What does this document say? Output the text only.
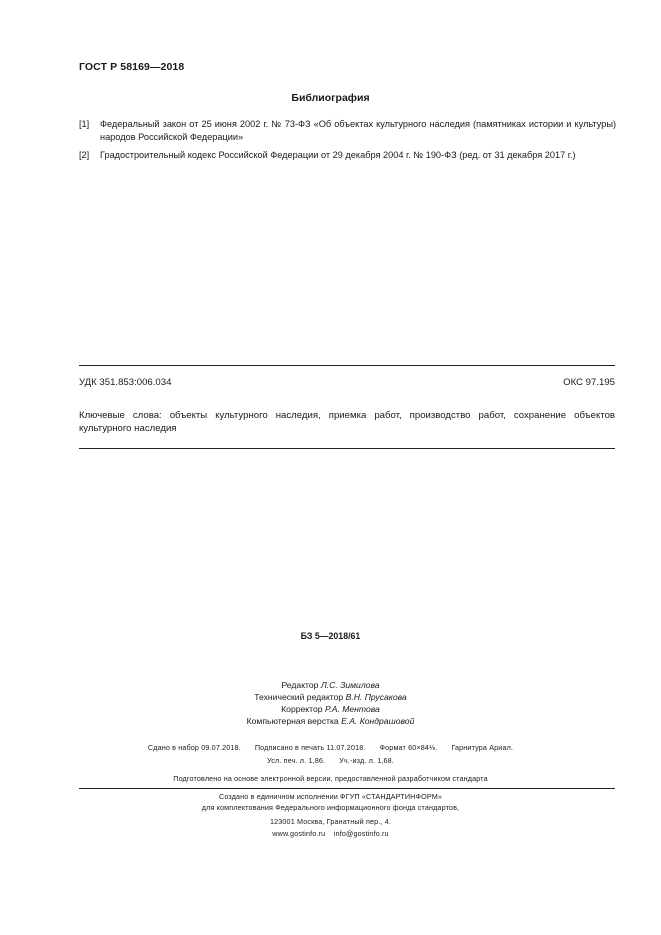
ГОСТ Р 58169—2018
Библиография
[1]	Федеральный закон от 25 июня 2002 г. № 73-ФЗ «Об объектах культурного наследия (памятниках истории и культуры) народов Российской Федерации»
[2]	Градостроительный кодекс Российской Федерации от 29 декабря 2004 г. № 190-ФЗ (ред. от 31 декабря 2017 г.)
УДК 351.853:006.034	ОКС 97.195
Ключевые слова: объекты культурного наследия, приемка работ, производство работ, сохранение объектов культурного наследия
БЗ 5—2018/61
Редактор Л.С. Зимилова
Технический редактор В.Н. Прусакова
Корректор Р.А. Ментова
Компьютерная верстка Е.А. Кондрашовой
Сдано в набор 09.07.2018. Подписано в печать 11.07.2018. Формат 60×84⅛. Гарнитура Ариал.
Усл. печ. л. 1,86. Уч.-изд. л. 1,68.
Подготовлено на основе электронной версии, предоставленной разработчиком стандарта
Создано в единичном исполнении ФГУП «СТАНДАРТИНФОРМ»
для комплектования Федерального информационного фонда стандартов,
123001 Москва, Гранатный пер., 4.
www.gostinfo.ru info@gostinfo.ru
